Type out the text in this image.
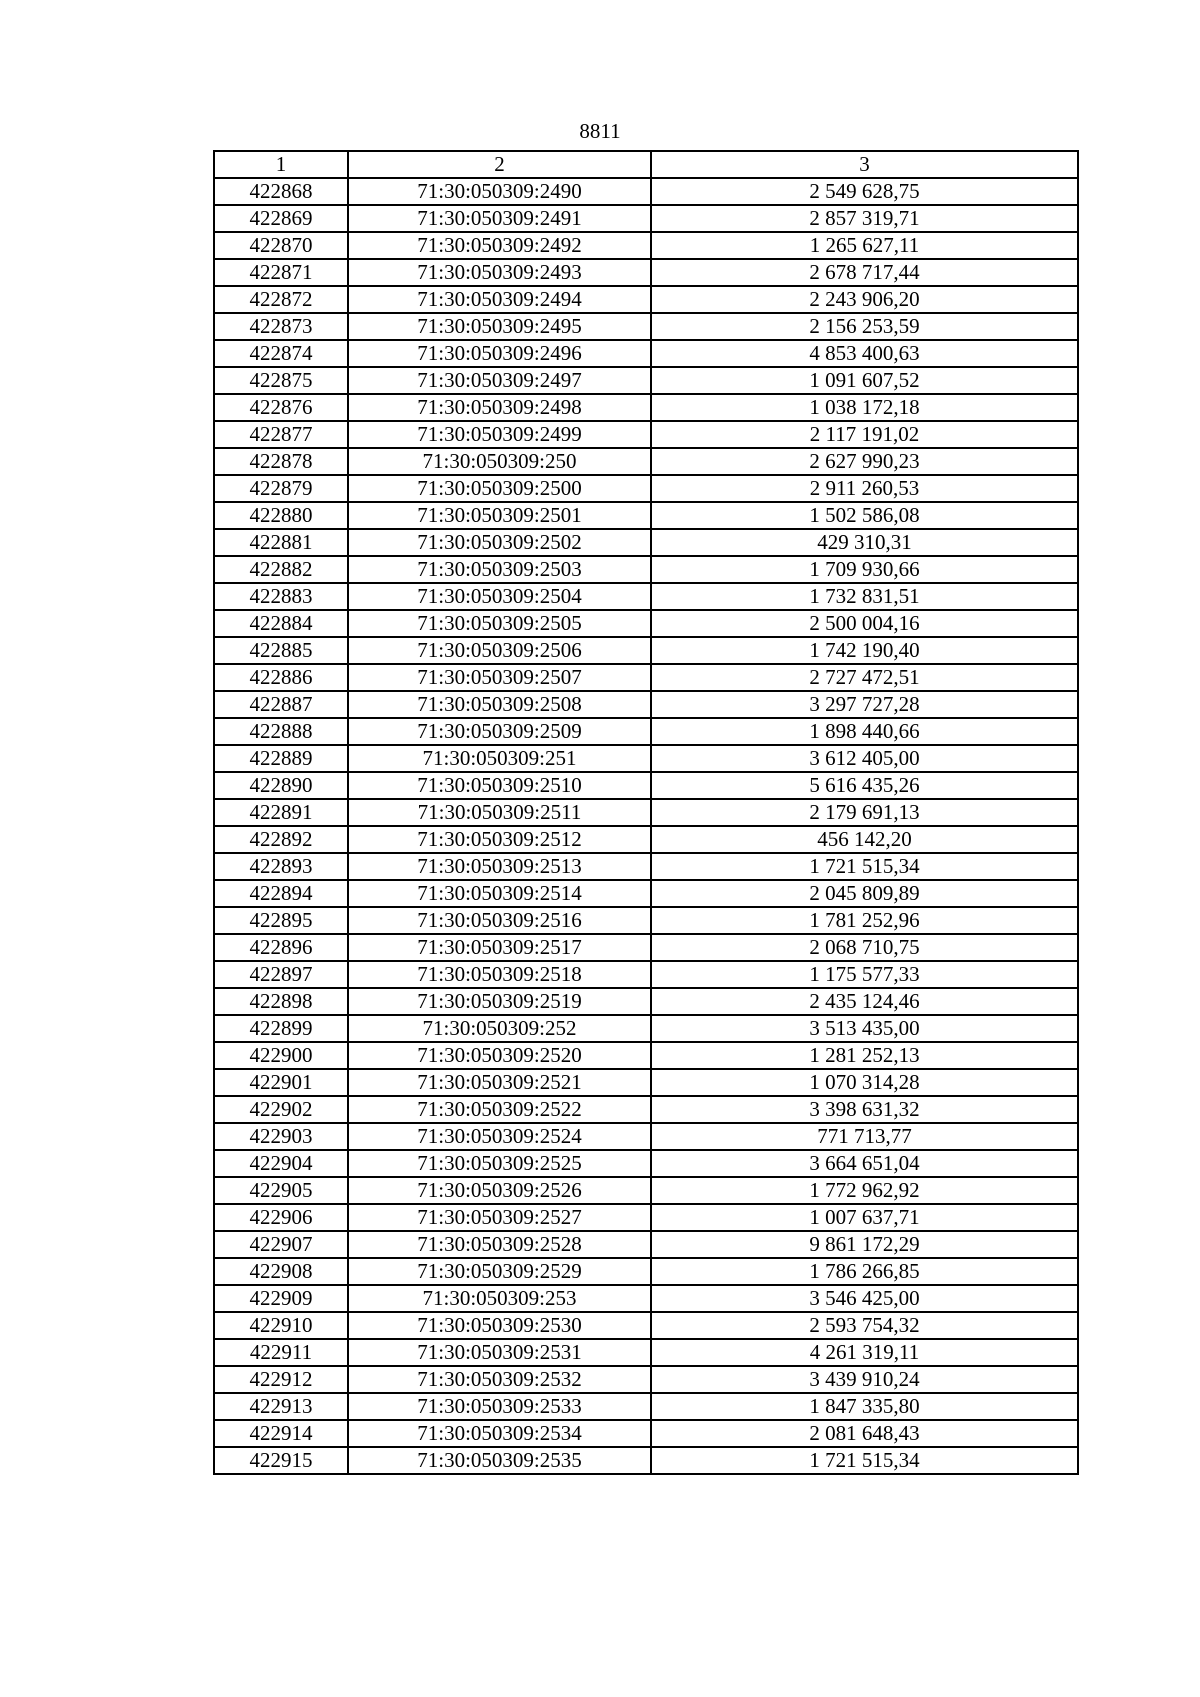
8811
1	2	3
422868	71:30:050309:2490	2 549 628,75
422869	71:30:050309:2491	2 857 319,71
422870	71:30:050309:2492	1 265 627,11
422871	71:30:050309:2493	2 678 717,44
422872	71:30:050309:2494	2 243 906,20
422873	71:30:050309:2495	2 156 253,59
422874	71:30:050309:2496	4 853 400,63
422875	71:30:050309:2497	1 091 607,52
422876	71:30:050309:2498	1 038 172,18
422877	71:30:050309:2499	2 117 191,02
422878	71:30:050309:250	2 627 990,23
422879	71:30:050309:2500	2 911 260,53
422880	71:30:050309:2501	1 502 586,08
422881	71:30:050309:2502	429 310,31
422882	71:30:050309:2503	1 709 930,66
422883	71:30:050309:2504	1 732 831,51
422884	71:30:050309:2505	2 500 004,16
422885	71:30:050309:2506	1 742 190,40
422886	71:30:050309:2507	2 727 472,51
422887	71:30:050309:2508	3 297 727,28
422888	71:30:050309:2509	1 898 440,66
422889	71:30:050309:251	3 612 405,00
422890	71:30:050309:2510	5 616 435,26
422891	71:30:050309:2511	2 179 691,13
422892	71:30:050309:2512	456 142,20
422893	71:30:050309:2513	1 721 515,34
422894	71:30:050309:2514	2 045 809,89
422895	71:30:050309:2516	1 781 252,96
422896	71:30:050309:2517	2 068 710,75
422897	71:30:050309:2518	1 175 577,33
422898	71:30:050309:2519	2 435 124,46
422899	71:30:050309:252	3 513 435,00
422900	71:30:050309:2520	1 281 252,13
422901	71:30:050309:2521	1 070 314,28
422902	71:30:050309:2522	3 398 631,32
422903	71:30:050309:2524	771 713,77
422904	71:30:050309:2525	3 664 651,04
422905	71:30:050309:2526	1 772 962,92
422906	71:30:050309:2527	1 007 637,71
422907	71:30:050309:2528	9 861 172,29
422908	71:30:050309:2529	1 786 266,85
422909	71:30:050309:253	3 546 425,00
422910	71:30:050309:2530	2 593 754,32
422911	71:30:050309:2531	4 261 319,11
422912	71:30:050309:2532	3 439 910,24
422913	71:30:050309:2533	1 847 335,80
422914	71:30:050309:2534	2 081 648,43
422915	71:30:050309:2535	1 721 515,34
